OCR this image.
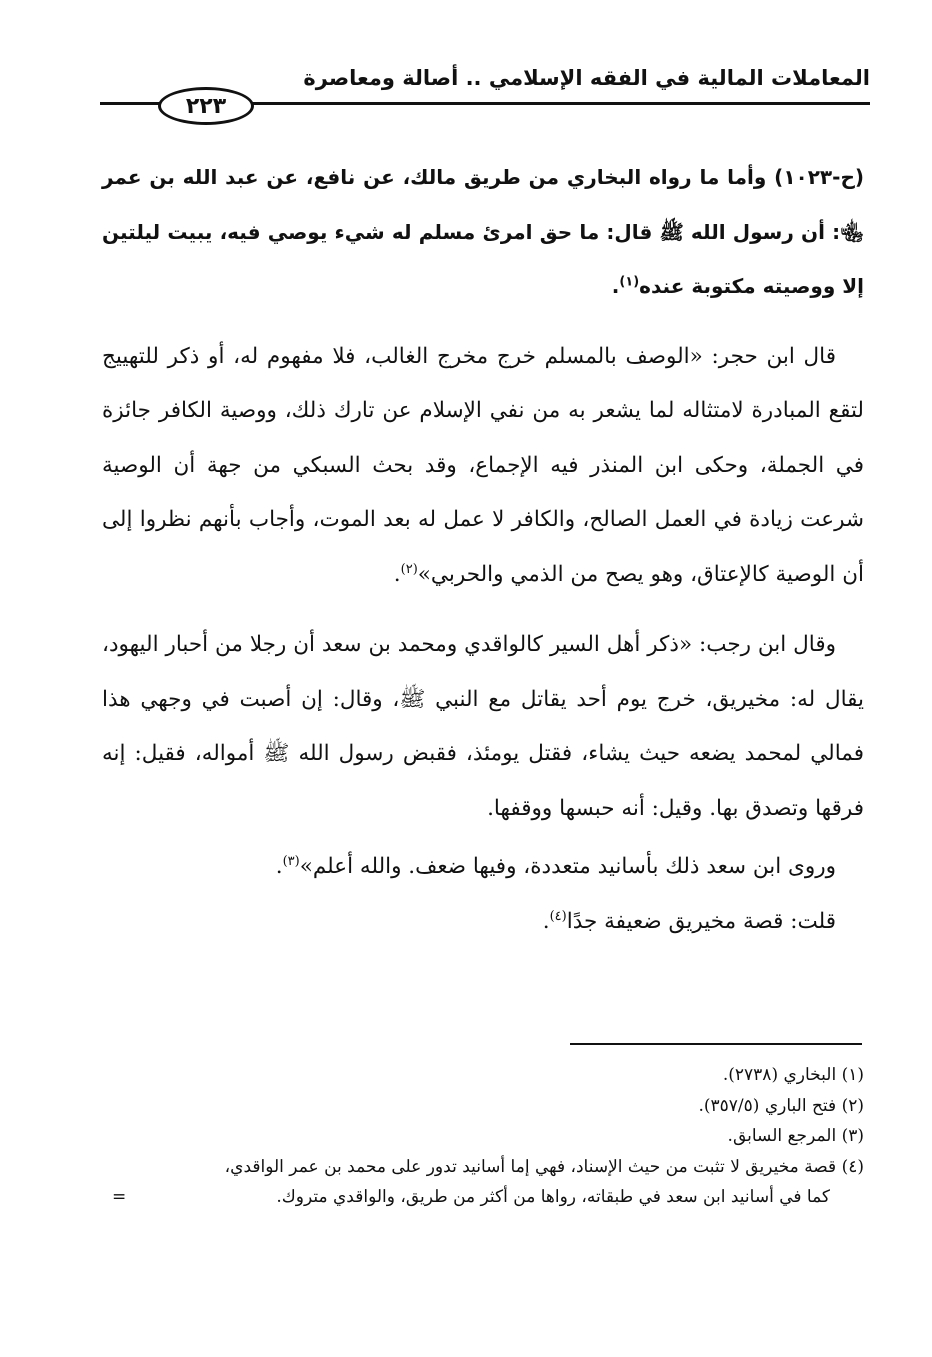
المعاملات المالية في الفقه الإسلامي .. أصالة ومعاصرة
٢٢٣

(ح-١٠٢٣) وأما ما رواه البخاري من طريق مالك، عن نافع، عن عبد الله بن عمر ﵄: أن رسول الله ﷺ قال: ما حق امرئ مسلم له شيء يوصي فيه، يبيت ليلتين إلا ووصيته مكتوبة عنده$^{(١)}$.

قال ابن حجر: «الوصف بالمسلم خرج مخرج الغالب، فلا مفهوم له، أو ذكر للتهييج لتقع المبادرة لامتثاله لما يشعر به من نفي الإسلام عن تارك ذلك، ووصية الكافر جائزة في الجملة، وحكى ابن المنذر فيه الإجماع، وقد بحث السبكي من جهة أن الوصية شرعت زيادة في العمل الصالح، والكافر لا عمل له بعد الموت، وأجاب بأنهم نظروا إلى أن الوصية كالإعتاق، وهو يصح من الذمي والحربي»$^{(٢)}$.

وقال ابن رجب: «ذكر أهل السير كالواقدي ومحمد بن سعد أن رجلا من أحبار اليهود، يقال له: مخيريق، خرج يوم أحد يقاتل مع النبي ﷺ، وقال: إن أصبت في وجهي هذا فمالي لمحمد يضعه حيث يشاء، فقتل يومئذ، فقبض رسول الله ﷺ أمواله، فقيل: إنه فرقها وتصدق بها. وقيل: أنه حبسها ووقفها.

وروى ابن سعد ذلك بأسانيد متعددة، وفيها ضعف. والله أعلم»$^{(٣)}$.

قلت: قصة مخيريق ضعيفة جدًا$^{(٤)}$.

(١) البخاري (٢٧٣٨).

(٢) فتح الباري (٣٥٧/٥).

(٣) المرجع السابق.

(٤) قصة مخيريق لا تثبت من حيث الإسناد، فهي إما أسانيد تدور على محمد بن عمر الواقدي،

كما في أسانيد ابن سعد في طبقاته، رواها من أكثر من طريق، والواقدي متروك.
=
